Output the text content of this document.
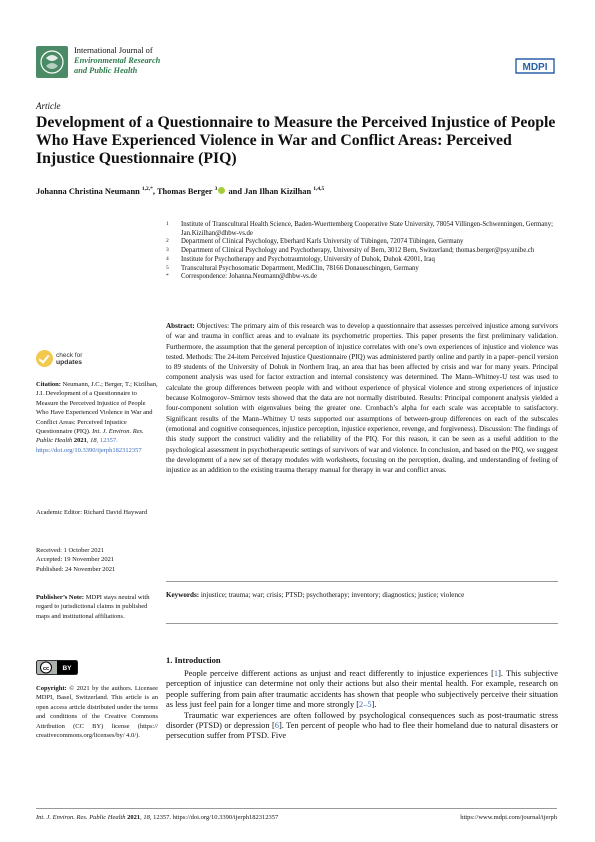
International Journal of
Environmental Research
and Public Health	MDPI
Article
Development of a Questionnaire to Measure the Perceived Injustice of People Who Have Experienced Violence in War and Conflict Areas: Perceived Injustice Questionnaire (PIQ)
Johanna Christina Neumann $^{1,2,*}$, Thomas Berger $^3$ and Jan Ilhan Kizilhan $^{1,4,5}$
1	Institute of Transcultural Health Science, Baden-Wuerttemberg Cooperative State University, 78054 Villingen-Schwenningen, Germany; Jan.Kizilhan@dhbw-vs.de
2	Department of Clinical Psychology, Eberhard Karls University of Tübingen, 72074 Tübingen, Germany
3	Department of Clinical Psychology and Psychotherapy, University of Bern, 3012 Bern, Switzerland; thomas.berger@psy.unibe.ch
4	Institute for Psychotherapy and Psychotraumtology, University of Duhok, Duhok 42001, Iraq
5	Transcultural Psychosomatic Department, MediClin, 78166 Donaueschingen, Germany
*	Correspondence: Johanna.Neumann@dhbw-vs.de
Abstract: Objectives: The primary aim of this research was to develop a questionnaire that assesses perceived injustice among survivors of war and trauma in conflict areas and to evaluate its psychometric properties. This paper presents the first preliminary validation. Furthermore, the assumption that the general perception of injustice correlates with one’s own experiences of injustice and violence was tested. Methods: The 24-item Perceived Injustice Questionnaire (PIQ) was administered partly online and partly in a paper–pencil version to 89 students of the University of Dohuk in Northern Iraq, an area that has been affected by crisis and war for many years. Principal component analysis was used for factor extraction and internal consistency was determined. The Mann–Whitney-U test was used to calculate the group differences between people with and without experience of physical violence and strong experiences of injustice because Kolmogorov–Smirnov tests showed that the data are not normally distributed. Results: Principal component analysis yielded a four-component solution with eigenvalues being the greater one. Cronbach’s alpha for each scale was acceptable to satisfactory. Significant results of the Mann–Whitney U tests supported our assumptions of between-group differences on each of the subscales (emotional and cognitive consequences, injustice perception, injustice experience, revenge, and forgiveness). Discussion: The findings of this study support the construct validity and the reliability of the PIQ. For this reason, it can be seen as a useful addition to the psychological assessment in psychotherapeutic settings of survivors of war and violence. In conclusion, and based on the PIQ, we suggest the development of a new set of therapy modules with worksheets, focusing on the perception, dealing, and understanding of feeling of injustice as an addition to the existing trauma therapy manual for therapy in war and conflict areas.
Keywords: injustice; trauma; war; crisis; PTSD; psychotherapy; inventory; diagnostics; justice; violence
check for
updates
Citation: Neumann, J.C.; Berger, T.; Kizilhan, J.I. Development of a Questionnaire to Measure the Perceived Injustice of People Who Have Experienced Violence in War and Conflict Areas: Perceived Injustice Questionnaire (PIQ). Int. J. Environ. Res. Public Health 2021, 18, 12357. https://doi.org/10.3390/ijerph182312357
Academic Editor: Richard David Hayward
Received: 1 October 2021
Accepted: 19 November 2021
Published: 24 November 2021
Publisher’s Note: MDPI stays neutral with regard to jurisdictional claims in published maps and institutional affiliations.
cc BY
Copyright: © 2021 by the authors. Licensee MDPI, Basel, Switzerland. This article is an open access article distributed under the terms and conditions of the Creative Commons Attribution (CC BY) license (https:// creativecommons.org/licenses/by/ 4.0/).
1. Introduction

People perceive different actions as unjust and react differently to injustice experiences [1]. This subjective perception of injustice can determine not only their actions but also their mental health. For example, research on people suffering from pain after traumatic accidents has shown that people who subjectively perceive their situation as less just feel pain for a longer time and more strongly [2–5].

Traumatic war experiences are often followed by psychological consequences such as post-traumatic stress disorder (PTSD) or depression [6]. Ten percent of people who had to flee their homeland due to natural disasters or persecution suffer from PTSD. Five

Int. J. Environ. Res. Public Health 2021, 18, 12357. https://doi.org/10.3390/ijerph182312357	https://www.mdpi.com/journal/ijerph
